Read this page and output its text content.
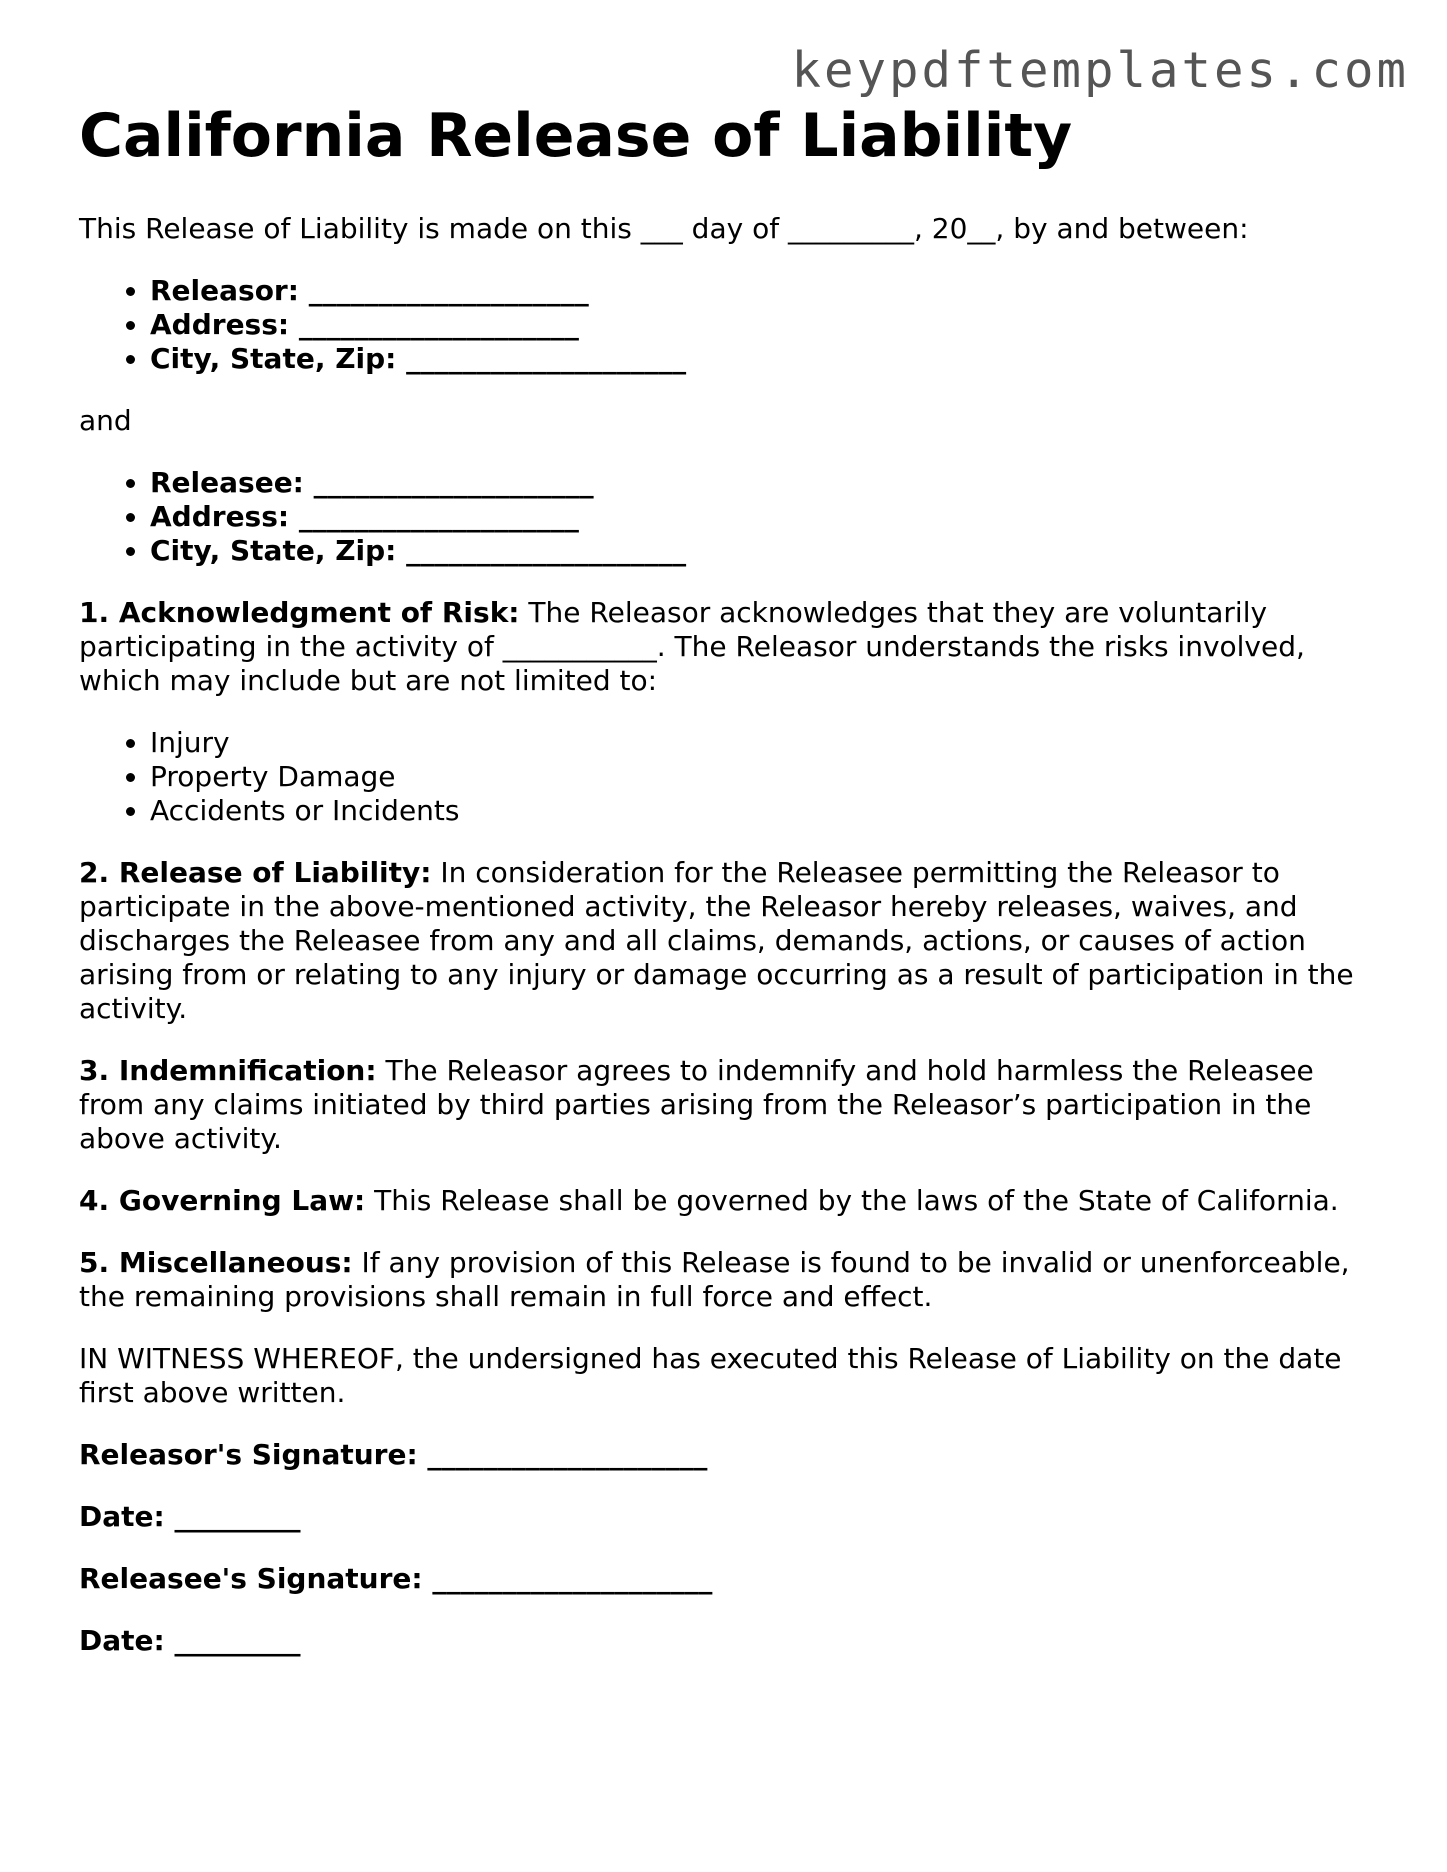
keypdftemplates.com
California Release of Liability

This Release of Liability is made on this ___ day of _________, 20__, by and between:

• Releasor: ____________________
• Address: ____________________
• City, State, Zip: ____________________

and

• Releasee: ____________________
• Address: ____________________
• City, State, Zip: ____________________

1. Acknowledgment of Risk: The Releasor acknowledges that they are voluntarily participating in the activity of ___________. The Releasor understands the risks involved, which may include but are not limited to:

• Injury
• Property Damage
• Accidents or Incidents

2. Release of Liability: In consideration for the Releasee permitting the Releasor to participate in the above-mentioned activity, the Releasor hereby releases, waives, and discharges the Releasee from any and all claims, demands, actions, or causes of action arising from or relating to any injury or damage occurring as a result of participation in the activity.

3. Indemnification: The Releasor agrees to indemnify and hold harmless the Releasee from any claims initiated by third parties arising from the Releasor’s participation in the above activity.

4. Governing Law: This Release shall be governed by the laws of the State of California.

5. Miscellaneous: If any provision of this Release is found to be invalid or unenforceable, the remaining provisions shall remain in full force and effect.

IN WITNESS WHEREOF, the undersigned has executed this Release of Liability on the date first above written.

Releasor's Signature: ____________________

Date: _________

Releasee's Signature: ____________________

Date: _________
